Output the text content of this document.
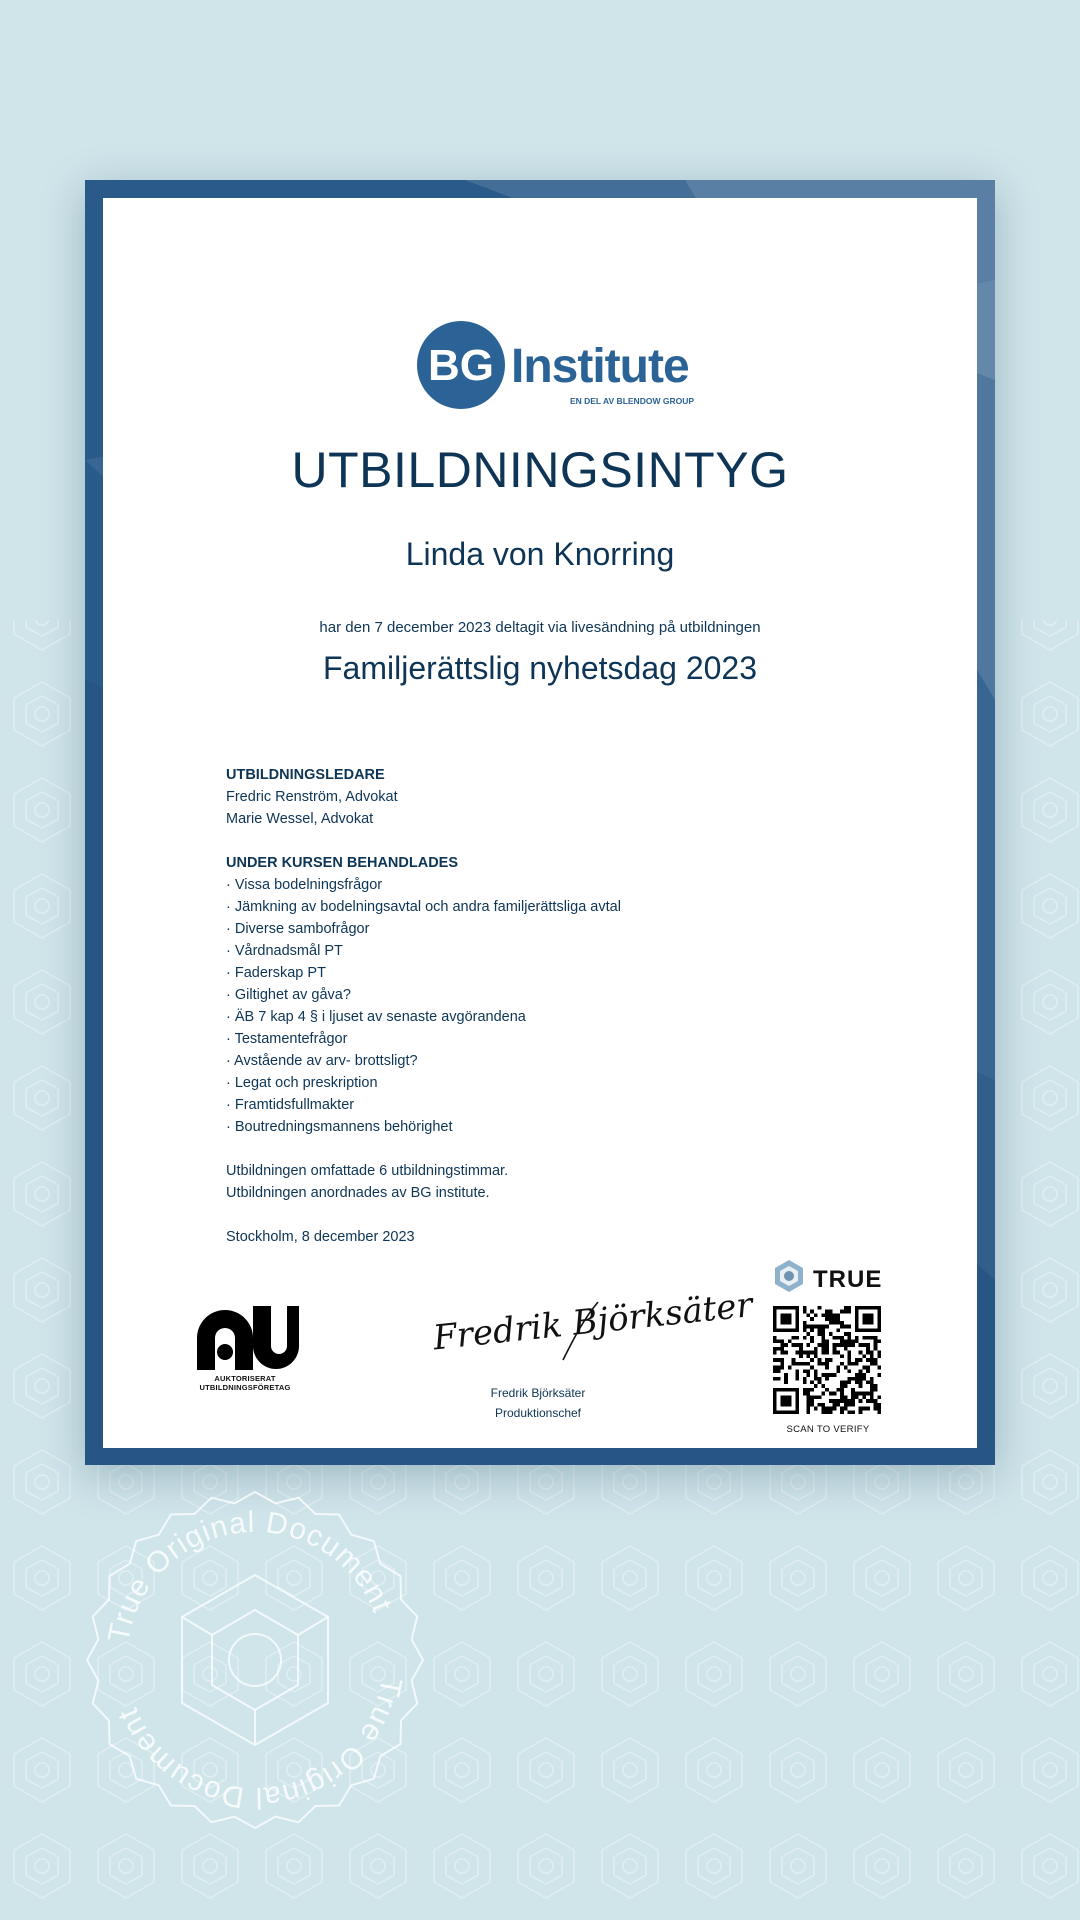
BG Institute
EN DEL AV BLENDOW GROUP
UTBILDNINGSINTYG
Linda von Knorring
har den 7 december 2023 deltagit via livesändning på utbildningen
Familjerättslig nyhetsdag 2023
UTBILDNINGSLEDARE
Fredric Renström, Advokat
Marie Wessel, Advokat
UNDER KURSEN BEHANDLADES
· Vissa bodelningsfrågor
· Jämkning av bodelningsavtal och andra familjerättsliga avtal
· Diverse sambofrågor
· Vårdnadsmål PT
· Faderskap PT
· Giltighet av gåva?
· ÄB 7 kap 4 § i ljuset av senaste avgörandena
· Testamentefrågor
· Avstående av arv- brottsligt?
· Legat och preskription
· Framtidsfullmakter
· Boutredningsmannens behörighet
Utbildningen omfattade 6 utbildningstimmar.
Utbildningen anordnades av BG institute.
Stockholm, 8 december 2023
AUKTORISERAT
UTBILDNINGSFÖRETAG
Fredrik Björksäter
Fredrik Björksäter
Produktionschef
TRUE
SCAN TO VERIFY
True Original Document
True Original Document
